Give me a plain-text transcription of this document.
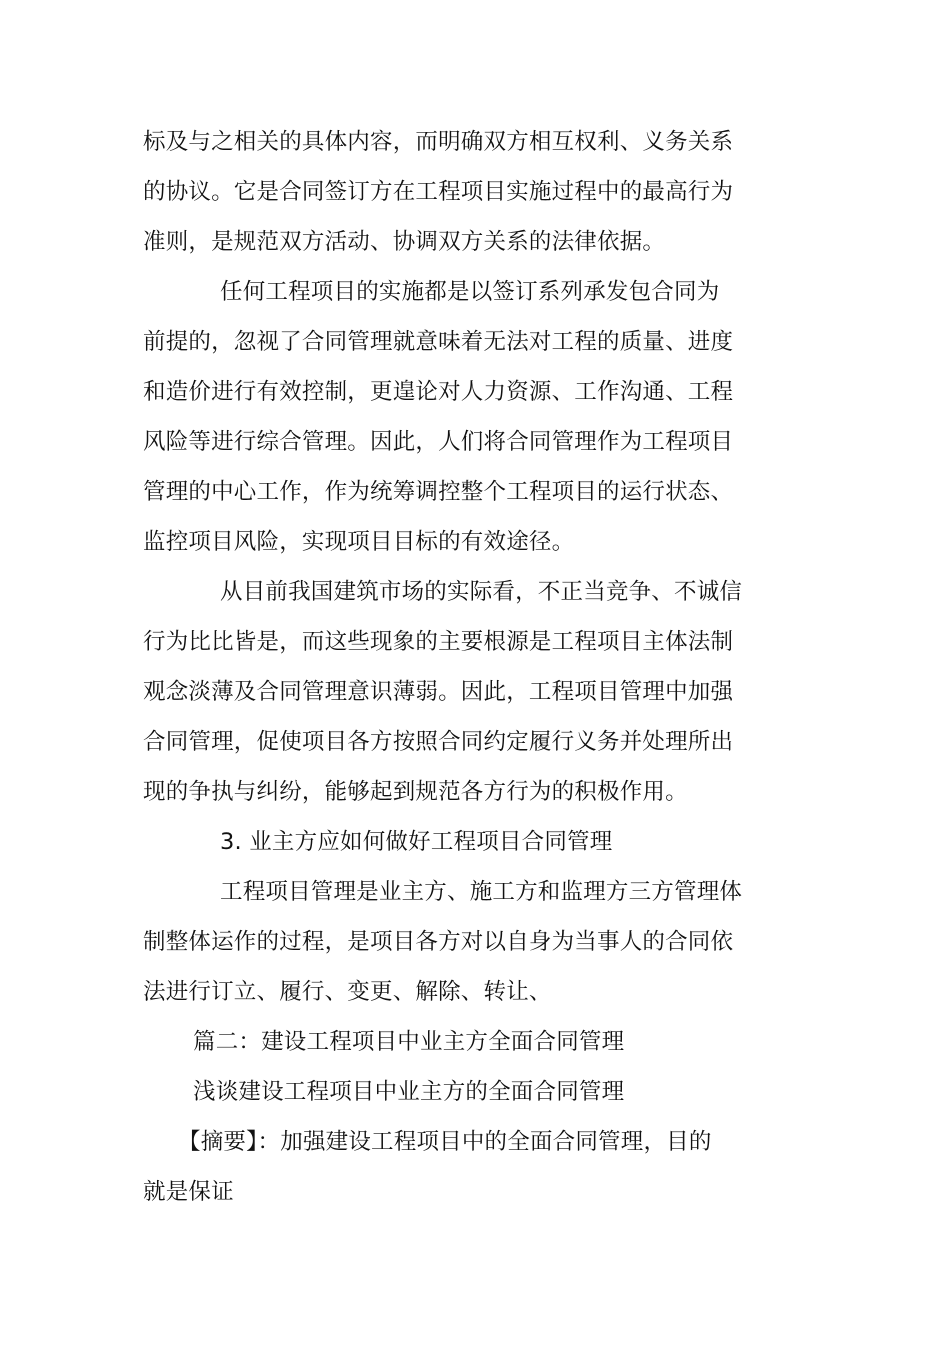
标及与之相关的具体内容，而明确双方相互权利、义务关系
的协议。它是合同签订方在工程项目实施过程中的最高行为
准则，是规范双方活动、协调双方关系的法律依据。
任何工程项目的实施都是以签订系列承发包合同为
前提的，忽视了合同管理就意味着无法对工程的质量、进度
和造价进行有效控制，更遑论对人力资源、工作沟通、工程
风险等进行综合管理。因此，人们将合同管理作为工程项目
管理的中心工作，作为统筹调控整个工程项目的运行状态、
监控项目风险，实现项目目标的有效途径。
从目前我国建筑市场的实际看，不正当竞争、不诚信
行为比比皆是，而这些现象的主要根源是工程项目主体法制
观念淡薄及合同管理意识薄弱。因此，工程项目管理中加强
合同管理，促使项目各方按照合同约定履行义务并处理所出
现的争执与纠纷，能够起到规范各方行为的积极作用。
3. 业主方应如何做好工程项目合同管理
工程项目管理是业主方、施工方和监理方三方管理体
制整体运作的过程，是项目各方对以自身为当事人的合同依
法进行订立、履行、变更、解除、转让、
篇二：建设工程项目中业主方全面合同管理
浅谈建设工程项目中业主方的全面合同管理
【摘要】：加强建设工程项目中的全面合同管理，目的
就是保证
